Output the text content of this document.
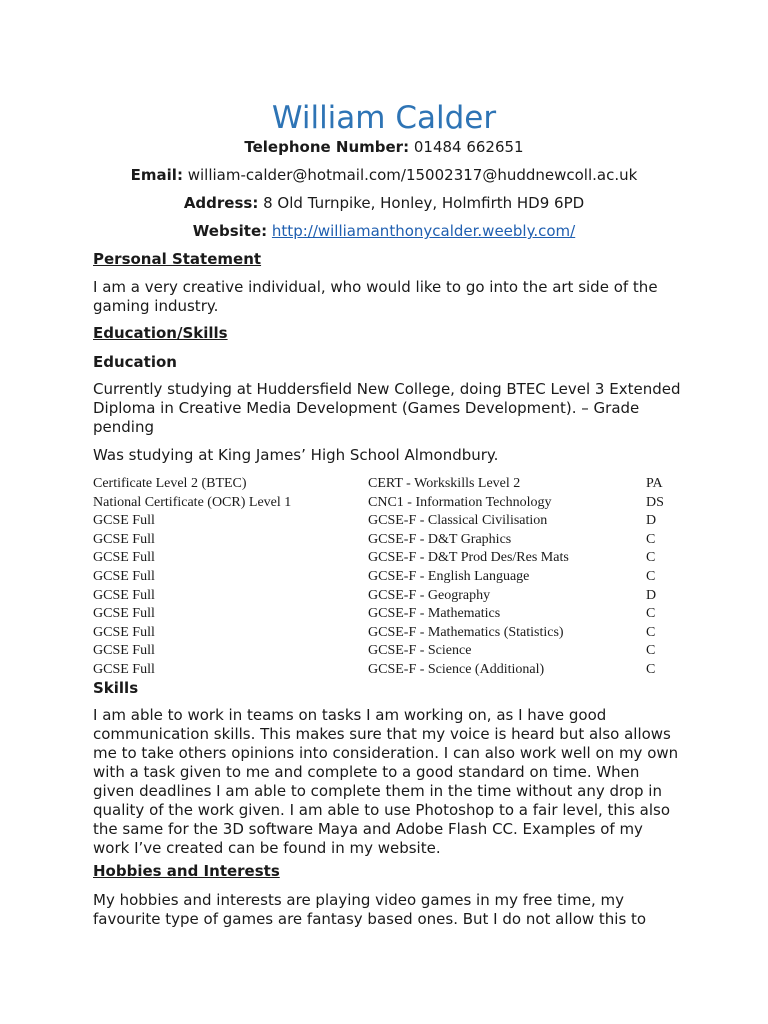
William Calder
Telephone Number: 01484 662651
Email: william-calder@hotmail.com/15002317@huddnewcoll.ac.uk
Address: 8 Old Turnpike, Honley, Holmfirth HD9 6PD
Website: http://williamanthonycalder.weebly.com/
Personal Statement
I am a very creative individual, who would like to go into the art side of the gaming industry.
Education/Skills
Education
Currently studying at Huddersfield New College, doing BTEC Level 3 Extended Diploma in Creative Media Development (Games Development). – Grade pending
Was studying at King James’ High School Almondbury.
Certificate Level 2 (BTEC)	CERT - Workskills Level 2	PA
National Certificate (OCR) Level 1	CNC1 - Information Technology	DS
GCSE Full	GCSE-F - Classical Civilisation	D
GCSE Full	GCSE-F - D&T Graphics	C
GCSE Full	GCSE-F - D&T Prod Des/Res Mats	C
GCSE Full	GCSE-F - English Language	C
GCSE Full	GCSE-F - Geography	D
GCSE Full	GCSE-F - Mathematics	C
GCSE Full	GCSE-F - Mathematics (Statistics)	C
GCSE Full	GCSE-F - Science	C
GCSE Full	GCSE-F - Science (Additional)	C
Skills
I am able to work in teams on tasks I am working on, as I have good communication skills. This makes sure that my voice is heard but also allows me to take others opinions into consideration. I can also work well on my own with a task given to me and complete to a good standard on time. When given deadlines I am able to complete them in the time without any drop in quality of the work given. I am able to use Photoshop to a fair level, this also the same for the 3D software Maya and Adobe Flash CC. Examples of my work I’ve created can be found in my website.
Hobbies and Interests
My hobbies and interests are playing video games in my free time, my favourite type of games are fantasy based ones. But I do not allow this to
